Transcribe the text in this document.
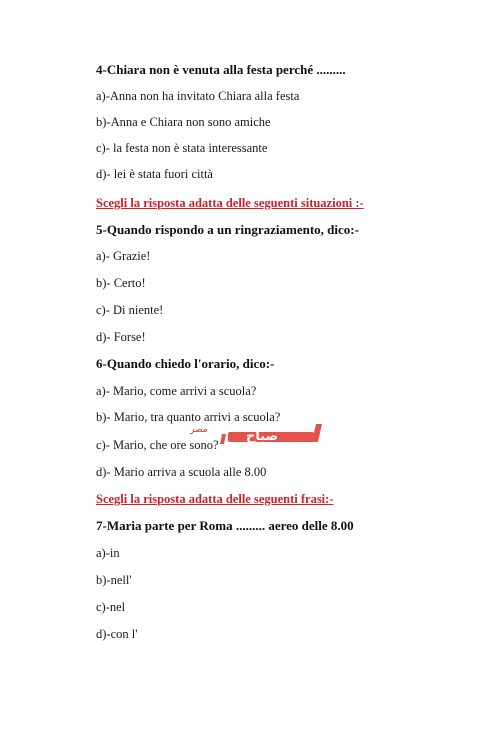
4-Chiara non è venuta alla festa perché .........
a)-Anna non ha invitato Chiara alla festa
b)-Anna e Chiara non sono amiche
c)- la festa non è stata interessante
d)- lei è stata fuori città
Scegli la risposta adatta delle seguenti situazioni :-
5-Quando rispondo a un ringraziamento, dico:-
a)- Grazie!
b)- Certo!
c)- Di niente!
d)- Forse!
6-Quando chiedo l'orario, dico:-
a)- Mario, come arrivi a scuola?
b)- Mario, tra quanto arrivi a scuola?
c)- Mario, che ore sono?
d)- Mario arriva a scuola alle 8.00
Scegli la risposta adatta delle seguenti frasi:-
7-Maria parte per Roma ......... aereo delle 8.00
a)-in
b)-nell'
c)-nel
d)-con l'
صباح
مصر
